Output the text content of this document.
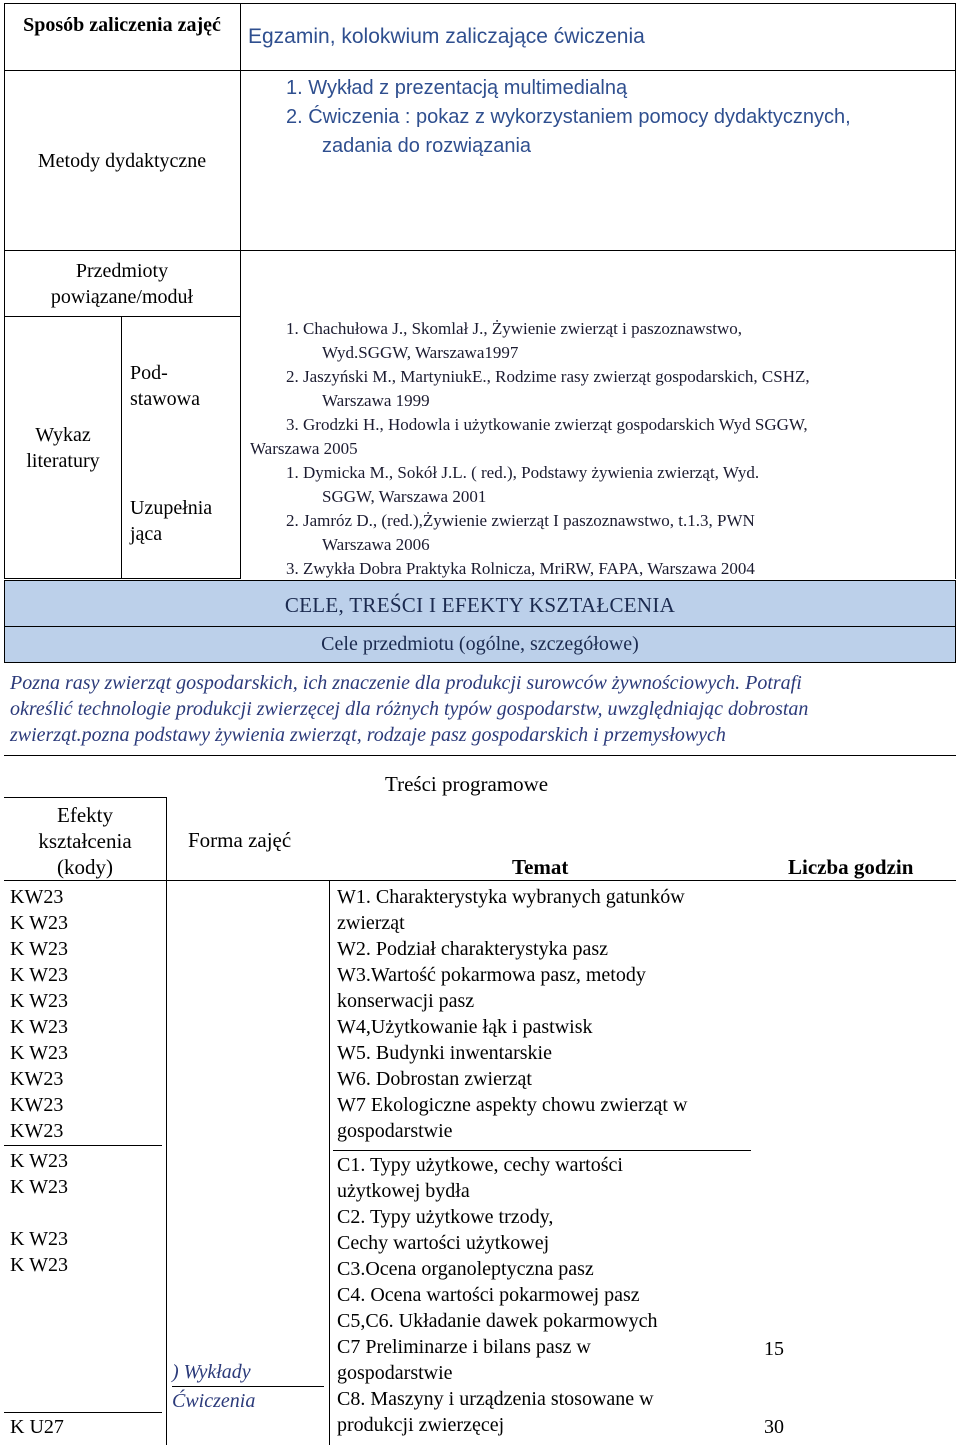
Sposób zaliczenia zajęć	Egzamin, kolokwium zaliczające ćwiczenia
Metody dydaktyczne
1. Wykład z prezentacją multimedialną
2. Ćwiczenia : pokaz z wykorzystaniem pomocy dydaktycznych,
zadania do rozwiązania
Przedmioty powiązane/moduł
Wykaz literatury
Pod-
stawowa
Uzupełnia
jąca
1. Chachułowa J., Skomlał J., Żywienie zwierząt i paszoznawstwo,
Wyd.SGGW, Warszawa1997
2. Jaszyński M., MartyniukE., Rodzime rasy zwierząt gospodarskich, CSHZ,
Warszawa 1999
3. Grodzki H., Hodowla i użytkowanie zwierząt gospodarskich Wyd SGGW,
Warszawa 2005
1. Dymicka M., Sokół J.L. ( red.), Podstawy żywienia zwierząt, Wyd.
SGGW, Warszawa 2001
2. Jamróz D., (red.),Żywienie zwierząt I paszoznawstwo, t.1.3, PWN
Warszawa 2006
3. Zwykła Dobra Praktyka Rolnicza, MriRW, FAPA, Warszawa 2004
CELE, TREŚCI I EFEKTY KSZTAŁCENIA
Cele przedmiotu (ogólne, szczegółowe)
Pozna rasy zwierząt gospodarskich, ich znaczenie dla produkcji surowców żywnościowych. Potrafi
określić technologie produkcji zwierzęcej dla różnych typów gospodarstw, uwzględniając dobrostan
zwierząt.pozna podstawy żywienia zwierząt, rodzaje pasz gospodarskich i przemysłowych
Treści programowe
Efekty
kształcenia
(kody)
Forma zajęć
Temat	Liczba godzin
KW23
K W23
K W23
K W23
K W23
K W23
K W23
KW23
KW23
KW23
K W23
K W23
K W23
K W23
K U27
) Wykłady
Ćwiczenia
W1. Charakterystyka wybranych gatunków
zwierząt
W2. Podział charakterystyka pasz
W3.Wartość pokarmowa pasz, metody
konserwacji pasz
W4,Użytkowanie łąk i pastwisk
W5. Budynki inwentarskie
W6. Dobrostan zwierząt
W7 Ekologiczne aspekty chowu zwierząt w
gospodarstwie
C1. Typy użytkowe, cechy wartości
użytkowej bydła
C2. Typy użytkowe trzody,
Cechy wartości użytkowej
C3.Ocena organoleptyczna pasz
C4. Ocena wartości pokarmowej pasz
C5,C6. Układanie dawek pokarmowych
C7 Preliminarze i bilans pasz w
gospodarstwie
C8. Maszyny i urządzenia stosowane w
produkcji zwierzęcej
15
30
